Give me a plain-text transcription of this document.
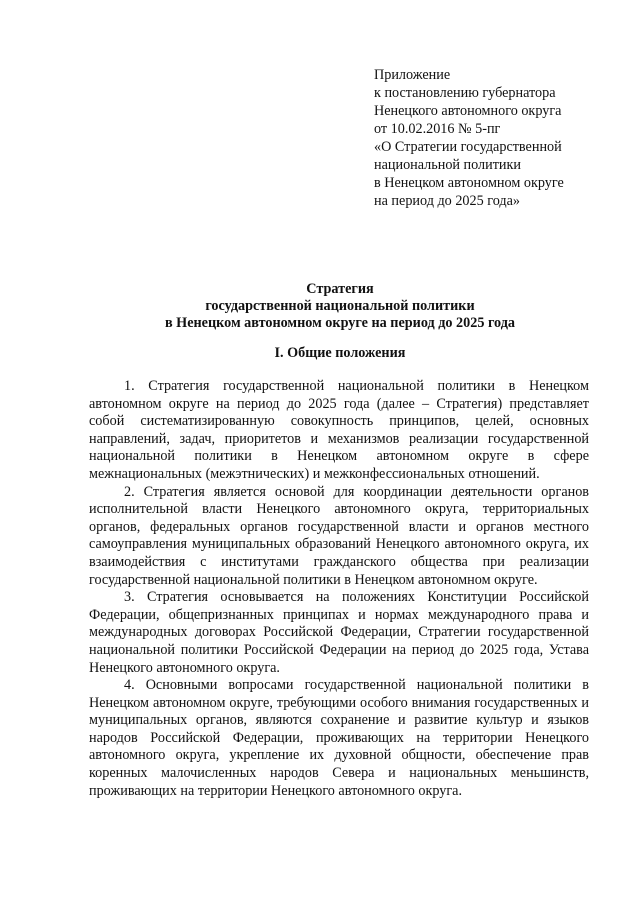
Приложение
к постановлению губернатора
Ненецкого автономного округа
от 10.02.2016 № 5-пг
«О Стратегии государственной
национальной политики
в Ненецком автономном округе
на период до 2025 года»
Стратегия
государственной национальной политики
в Ненецком автономном округе на период до 2025 года
I. Общие положения

1. Стратегия государственной национальной политики в Ненецком автономном округе на период до 2025 года (далее – Стратегия) представляет собой систематизированную совокупность принципов, целей, основных направлений, задач, приоритетов и механизмов реализации государственной национальной политики в Ненецком автономном округе в сфере межнациональных (межэтнических) и межконфессиональных отношений.

2. Стратегия является основой для координации деятельности органов исполнительной власти Ненецкого автономного округа, территориальных органов, федеральных органов государственной власти и органов местного самоуправления муниципальных образований Ненецкого автономного округа, их взаимодействия с институтами гражданского общества при реализации государственной национальной политики в Ненецком автономном округе.

3. Стратегия основывается на положениях Конституции Российской Федерации, общепризнанных принципах и нормах международного права и международных договорах Российской Федерации, Стратегии государственной национальной политики Российской Федерации на период до 2025 года, Устава Ненецкого автономного округа.

4. Основными вопросами государственной национальной политики в Ненецком автономном округе, требующими особого внимания государственных и муниципальных органов, являются сохранение и развитие культур и языков народов Российской Федерации, проживающих на территории Ненецкого автономного округа, укрепление их духовной общности, обеспечение прав коренных малочисленных народов Севера и национальных меньшинств, проживающих на территории Ненецкого автономного округа.
